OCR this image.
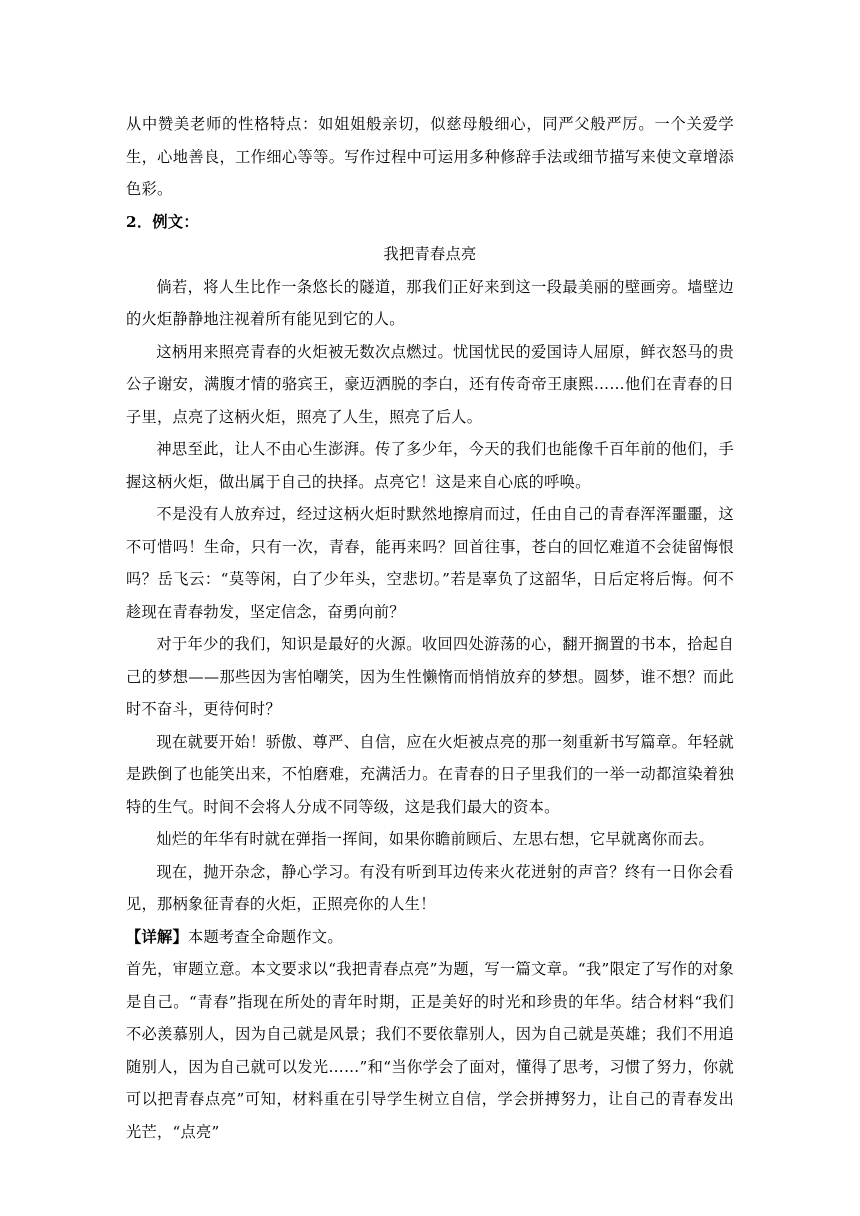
从中赞美老师的性格特点：如姐姐般亲切，似慈母般细心，同严父般严厉。一个关爱学生，心地善良，工作细心等等。写作过程中可运用多种修辞手法或细节描写来使文章增添色彩。

2．例文：

我把青春点亮

倘若，将人生比作一条悠长的隧道，那我们正好来到这一段最美丽的壁画旁。墙壁边的火炬静静地注视着所有能见到它的人。

这柄用来照亮青春的火炬被无数次点燃过。忧国忧民的爱国诗人屈原，鲜衣怒马的贵公子谢安，满腹才情的骆宾王，豪迈洒脱的李白，还有传奇帝王康熙……他们在青春的日子里，点亮了这柄火炬，照亮了人生，照亮了后人。

神思至此，让人不由心生澎湃。传了多少年，今天的我们也能像千百年前的他们，手握这柄火炬，做出属于自己的抉择。点亮它！这是来自心底的呼唤。

不是没有人放弃过，经过这柄火炬时默然地擦肩而过，任由自己的青春浑浑噩噩，这不可惜吗！生命，只有一次，青春，能再来吗？回首往事，苍白的回忆难道不会徒留悔恨吗？岳飞云：“莫等闲，白了少年头，空悲切。”若是辜负了这韶华，日后定将后悔。何不趁现在青春勃发，坚定信念，奋勇向前？

对于年少的我们，知识是最好的火源。收回四处游荡的心，翻开搁置的书本，拾起自己的梦想——那些因为害怕嘲笑，因为生性懒惰而悄悄放弃的梦想。圆梦，谁不想？而此时不奋斗，更待何时？

现在就要开始！骄傲、尊严、自信，应在火炬被点亮的那一刻重新书写篇章。年轻就是跌倒了也能笑出来，不怕磨难，充满活力。在青春的日子里我们的一举一动都渲染着独特的生气。时间不会将人分成不同等级，这是我们最大的资本。

灿烂的年华有时就在弹指一挥间，如果你瞻前顾后、左思右想，它早就离你而去。

现在，抛开杂念，静心学习。有没有听到耳边传来火花迸射的声音？终有一日你会看见，那柄象征青春的火炬，正照亮你的人生！

【详解】本题考查全命题作文。

首先，审题立意。本文要求以“我把青春点亮”为题，写一篇文章。“我”限定了写作的对象是自己。“青春”指现在所处的青年时期，正是美好的时光和珍贵的年华。结合材料“我们不必羡慕别人，因为自己就是风景；我们不要依靠别人，因为自己就是英雄；我们不用追随别人，因为自己就可以发光……”和“当你学会了面对，懂得了思考，习惯了努力，你就可以把青春点亮”可知，材料重在引导学生树立自信，学会拼搏努力，让自己的青春发出光芒，“点亮”
